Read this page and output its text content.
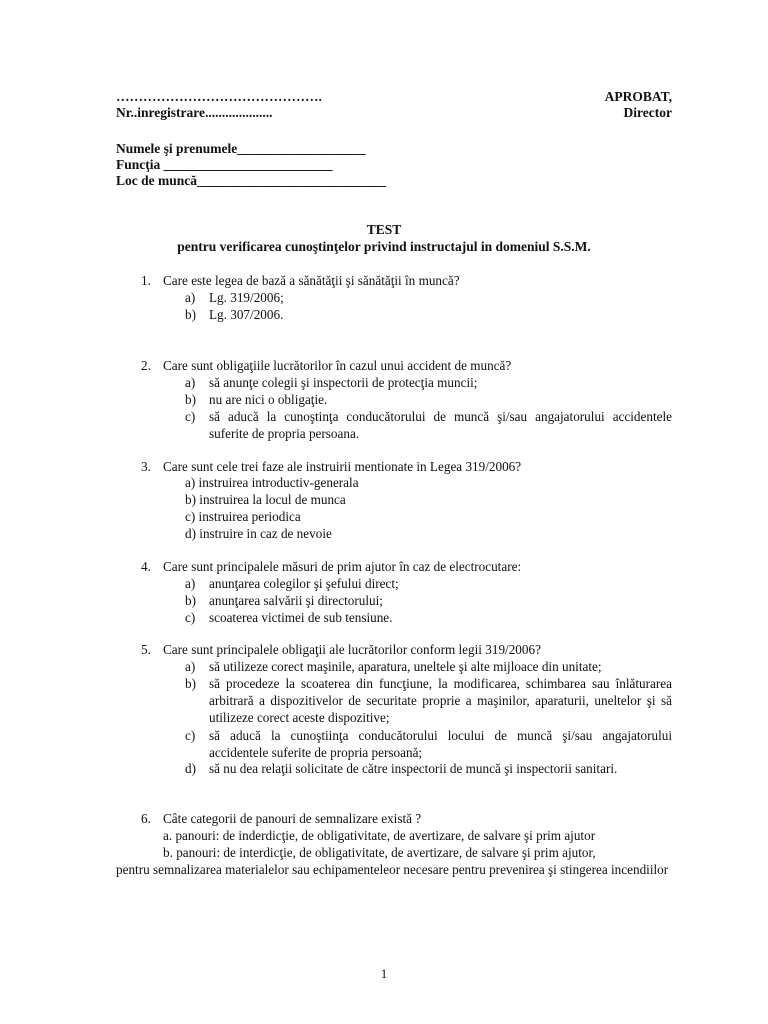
……………………………………….
Nr..inregistrare....................
APROBAT,
Director
Numele şi prenumele___________________
Funcţia _________________________
Loc de muncă____________________________
TEST
pentru verificarea cunoştinţelor privind instructajul in domeniul S.S.M.
1. Care este legea de bază a sănătăţii şi sănătăţii în muncă?
a)	Lg. 319/2006;
b) Lg. 307/2006.
2. Care sunt obligaţiile lucrătorilor în cazul unui accident de muncă?
a)	să anunţe colegii şi inspectorii de protecţia muncii;
b) nu are nici o obligaţie.
c)	să aducă la cunoştinţa conducătorului de muncă şi/sau angajatorului accidentele suferite de propria persoana.
3. Care sunt cele trei faze ale instruirii mentionate in Legea 319/2006?
a) instruirea introductiv-generala
b) instruirea la locul de munca
c) instruirea periodica
d) instruire in caz de nevoie
4. Care sunt principalele măsuri de prim ajutor în caz de electrocutare:
a)	anunţarea colegilor şi şefului direct;
b) anunţarea salvării şi directorului;
c)	scoaterea victimei de sub tensiune.
5. Care sunt principalele obligaţii ale lucrătorilor conform legii 319/2006?
a)	să utilizeze corect maşinile, aparatura, uneltele şi alte mijloace din unitate;
b) să procedeze la scoaterea din funcţiune, la modificarea, schimbarea sau înlăturarea arbitrară a dispozitivelor de securitate proprie a maşinilor, aparaturii, uneltelor şi să utilizeze corect aceste dispozitive;
c)	să aducă la cunoştiinţa conducătorului locului de muncă şi/sau angajatorului accidentele suferite de propria persoană;
d) să nu dea relaţii solicitate de către inspectorii de muncă şi inspectorii sanitari.
6. Câte categorii de panouri de semnalizare există ?
a. panouri: de inderdicţie, de obligativitate, de avertizare, de salvare şi prim ajutor
b. panouri: de interdicţie, de obligativitate, de avertizare, de salvare şi prim ajutor,
pentru semnalizarea materialelor sau echipamenteleor necesare pentru prevenirea şi stingerea incendiilor
1
